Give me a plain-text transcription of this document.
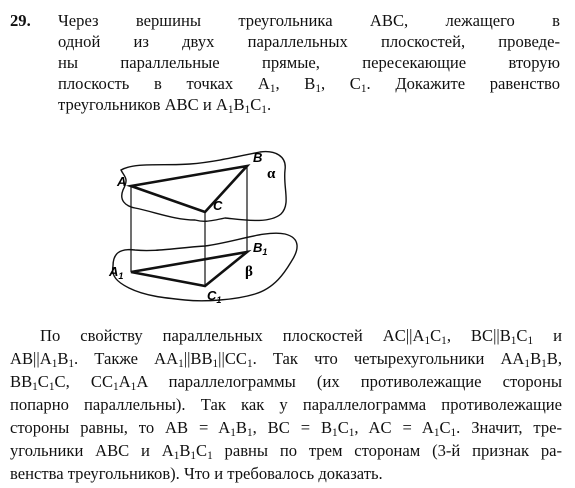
29.	Через вершины треугольника ABC, лежащего в
одной из двух параллельных плоскостей, проведе-
ны параллельные прямые, пересекающие вторую
плоскость в точках $A_1$, $B_1$, $C_1$. Докажите равенство
треугольников ABC и $A_1B_1C_1$.
A
B
C
α
$A_1$
$B_1$
$C_1$
β
По свойству параллельных плоскостей $AC||A_1C_1$, $BC||B_1C_1$ и
$AB||A_1B_1$. Также $AA_1||BB_1||CC_1$. Так что четырехугольники $AA_1B_1B$,
$BB_1C_1C$, $CC_1A_1A$ параллелограммы (их противолежащие стороны
попарно параллельны). Так как у параллелограмма противолежащие
стороны равны, то AB = $A_1B_1$, BC = $B_1C_1$, AC = $A_1C_1$. Значит, тре-
угольники ABC и $A_1B_1C_1$ равны по трем сторонам (3-й признак ра-
венства треугольников). Что и требовалось доказать.
